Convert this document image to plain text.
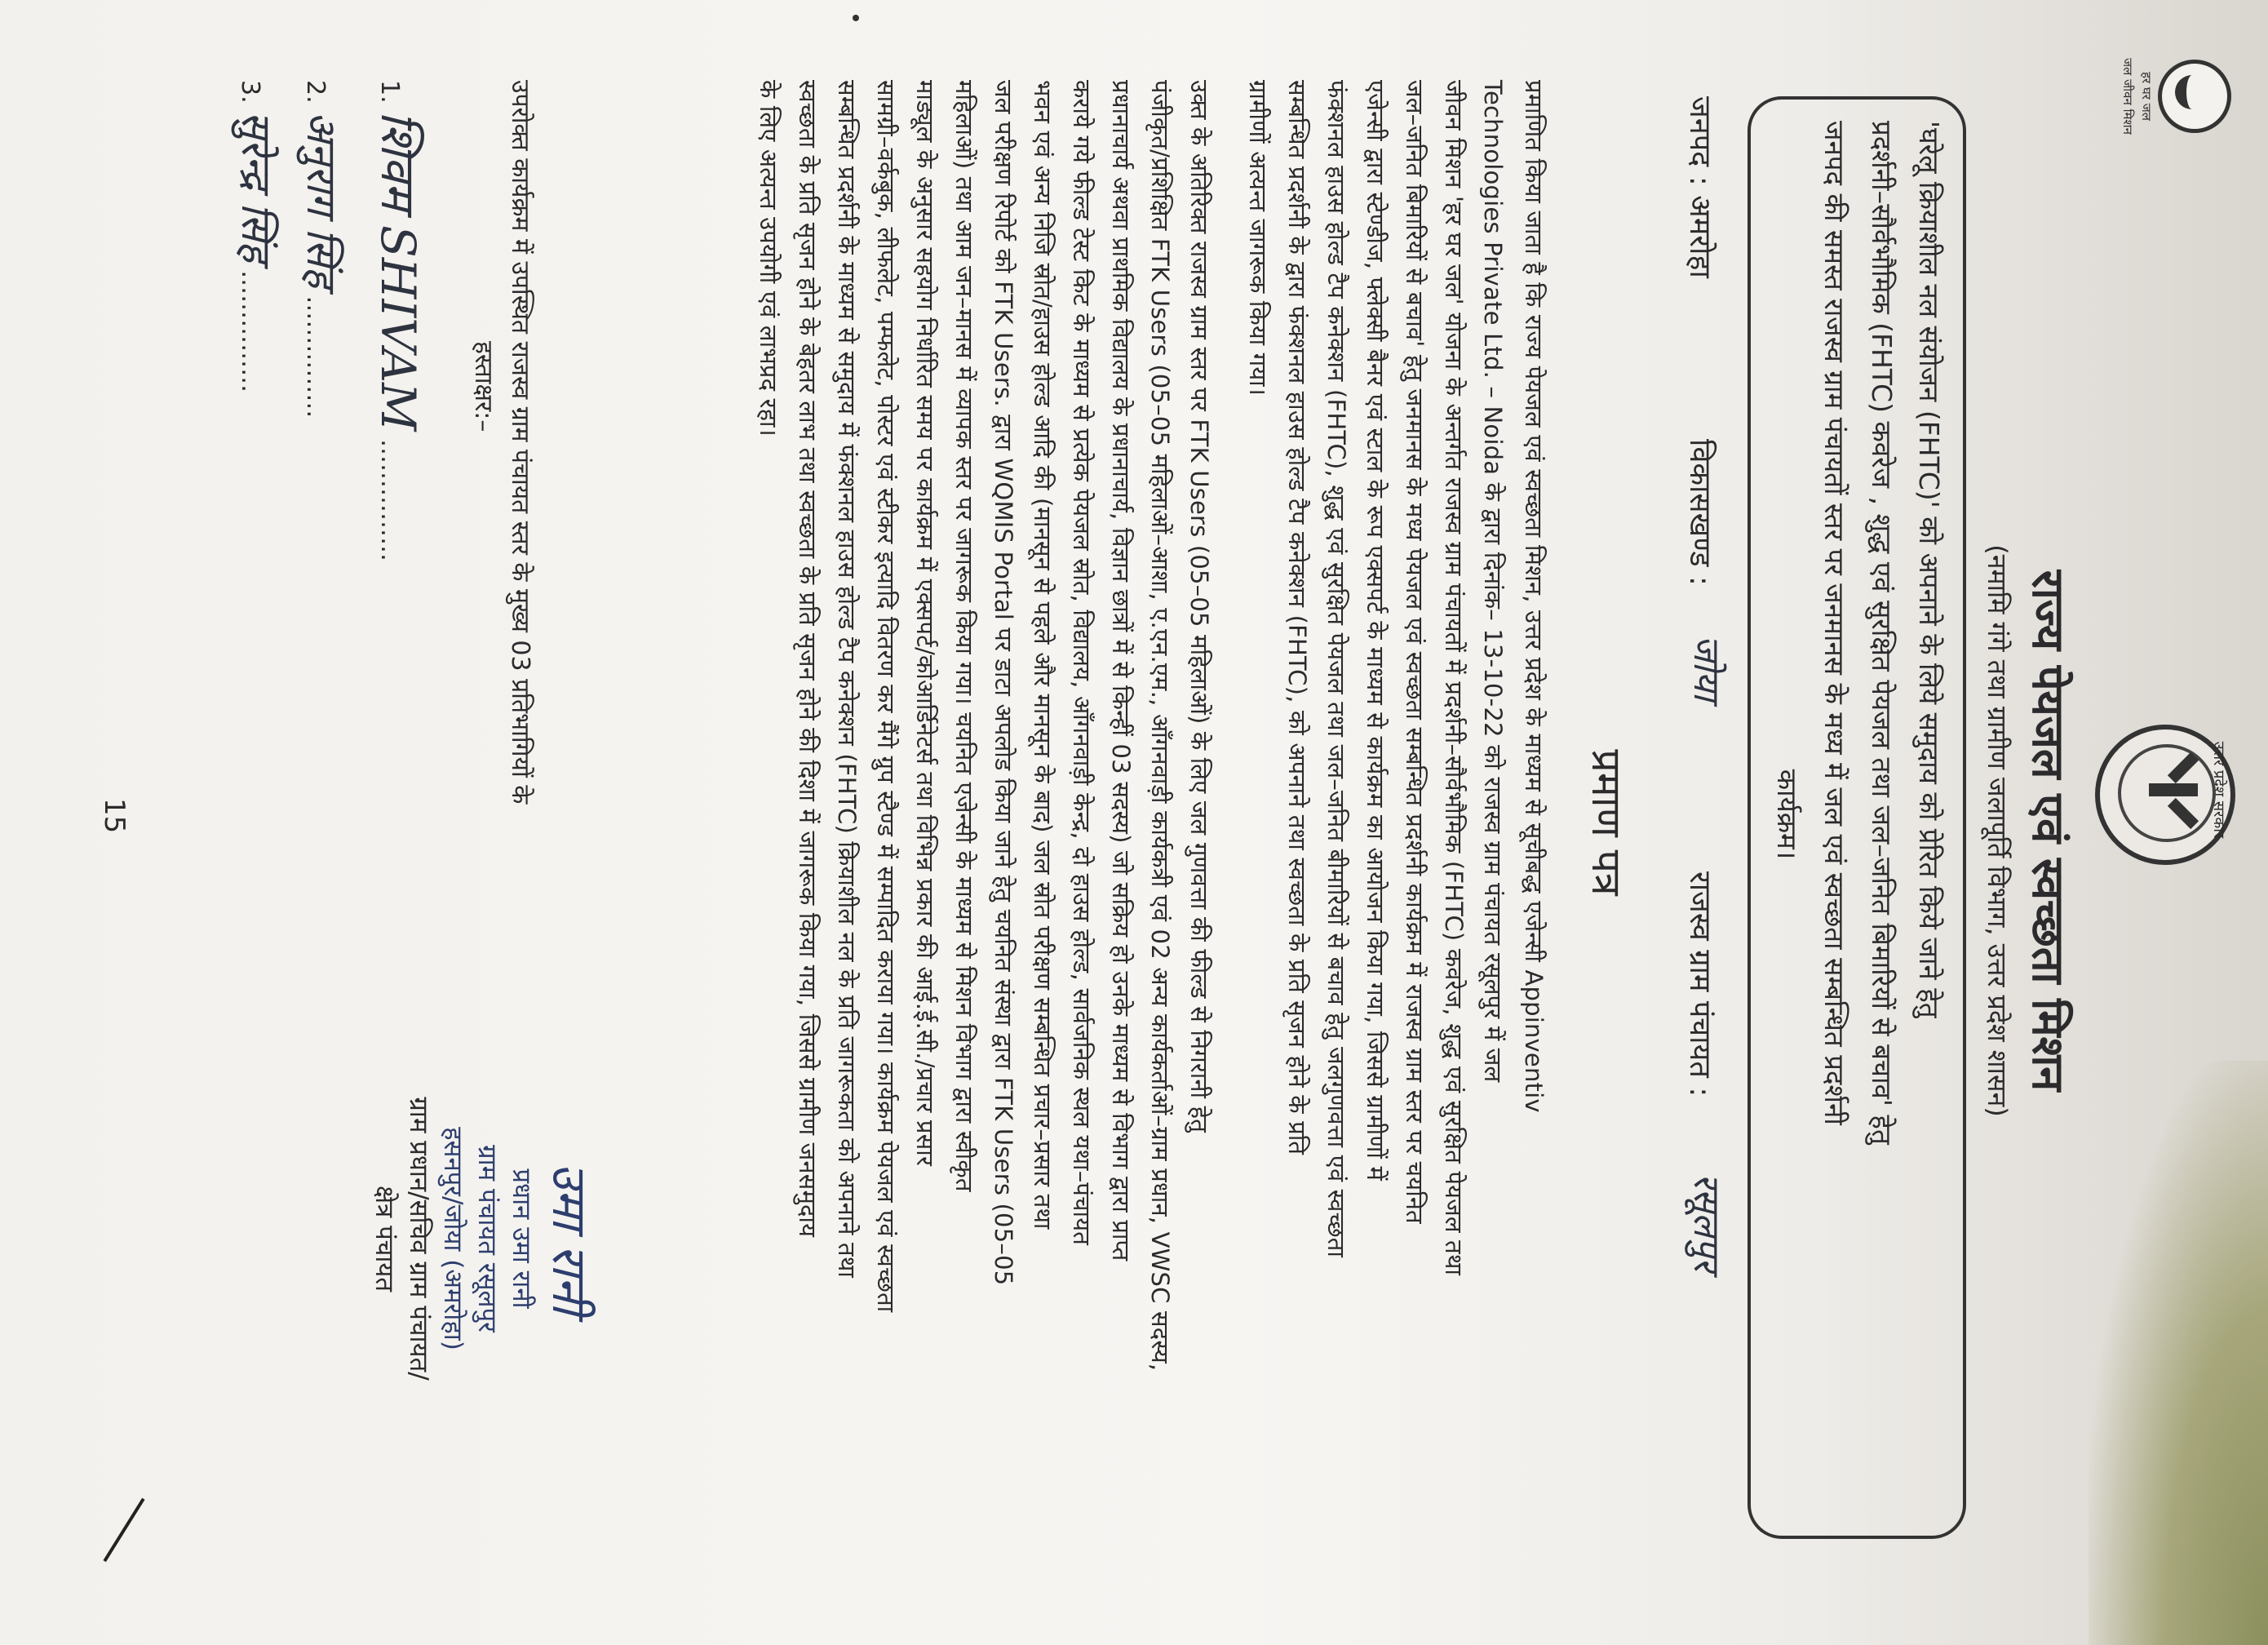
हर घर जल
जल जीवन मिशन
उत्तर प्रदेश सरकार
राज्य पेयजल एवं स्वच्छता मिशन
(नमामि गंगे तथा ग्रामीण जलापूर्ति विभाग, उत्तर प्रदेश शासन)
'घरेलू क्रियाशील नल संयोजन (FHTC)' को अपनाने के लिये समुदाय को प्रेरित किये जाने हेतु
प्रदर्शनी–सौर्वभौमिक (FHTC) कवरेज , शुद्ध एवं सुरक्षित पेयजल तथा जल–जनित बिमारियों से बचाव' हेतु
जनपद की समस्त राजस्व ग्राम पंचायतों स्तर पर जनमानस के मध्य में जल एवं स्वच्छता सम्बन्धित प्रदर्शनी
कार्यक्रम।
जनपद : अमरोहा
विकासखण्ड :
जोया
राजस्व ग्राम पंचायत :
रसूलपुर
प्रमाण पत्र
प्रमाणित किया जाता है कि राज्य पेयजल एवं स्वच्छता मिशन, उत्तर प्रदेश के माध्यम से सूचीबद्ध एजेन्सी Appinventiv
Technologies Private Ltd. – Noida के द्वारा दिनांक– 13-10-22 को राजस्व ग्राम पंचायत रसूलपुर में जल
जीवन मिशन 'हर घर जल' योजना के अन्तर्गत राजस्व ग्राम पंचायतों में प्रदर्शनी–सौर्वभौमिक (FHTC) कवरेज, शुद्ध एवं सुरक्षित पेयजल तथा
जल–जनित बिमारियों से बचाव' हेतु जनमानस के मध्य पेयजल एवं स्वच्छता सम्बन्धित प्रदर्शनी कार्यक्रम में राजस्व ग्राम स्तर पर चयनित
एजेन्सी द्वारा स्टेण्डीज, फ्लेक्सी बैनर एवं स्टाल के रूप एक्सपर्ट के माध्यम से कार्यक्रम का आयोजन किया गया, जिससे ग्रामीणों में
फंक्शनल हाउस होल्ड टैप कनेक्शन (FHTC), शुद्ध एवं सुरक्षित पेयजल तथा जल–जनित बीमारियों से बचाव हेतु जलगुणवत्ता एवं स्वच्छता
सम्बन्धित प्रदर्शनी के द्वारा फंक्शनल हाउस होल्ड टैप कनेक्शन (FHTC), को अपनाने तथा स्वच्छता के प्रति सृजन होने के प्रति
ग्रामीणों अत्यन्त जागरूक किया गया।
उक्त के अतिरिक्त राजस्व ग्राम स्तर पर FTK Users (05–05 महिलाओं) के लिए जल गुणवत्ता की फील्ड से निगरानी हेतु
पंजीकृत/प्रशिक्षित FTK Users (05–05 महिलाओं–आशा, ए.एन.एम., आँगनवाड़ी कार्यकत्री एवं 02 अन्य कार्यकर्ताओं–ग्राम प्रधान, VWSC सदस्य,
प्रधानाचार्य अथवा प्राथमिक विद्यालय के प्रधानाचार्य, विज्ञान छात्रों में से किन्हीं 03 सदस्य) जो सक्रिय हो उनके माध्यम से विभाग द्वारा प्राप्त
कराये गये फील्ड टेस्ट किट के माध्यम से प्रत्येक पेयजल स्रोत, विद्यालय, आँगनवाड़ी केन्द्र, दो हाउस होल्ड, सार्वजनिक स्थल यथा–पंचायत
भवन एवं अन्य निजि स्रोत/हाउस होल्ड आदि की (मानसून से पहले और मानसून के बाद) जल स्रोत परीक्षण सम्बन्धित प्रचार–प्रसार तथा
जल परीक्षण रिपोर्ट को FTK Users. द्वारा WQMIS Portal पर डाटा अपलोड किया जाने हेतु चयनित संस्था द्वारा FTK Users (05–05
महिलाओं) तथा आम जन–मानस में व्यापक स्तर पर जागरूक किया गया। चयनित एजेन्सी के माध्यम से मिशन विभाग द्वारा स्वीकृत
माड्यूल के अनुसार सहयोग निर्धारित समय पर कार्यक्रम में एक्सपर्ट/कोआर्डिनेटर्स तथा विभिन्न प्रकार की आई.ई.सी./प्रचार प्रसार
सामग्री–वर्कबुक, लीफलेट, पम्फलेट, पोस्टर एवं स्टीकर इत्यादि वितरण कर मैंगे ग्रुप स्टैण्ड में सम्पादित कराया गया। कार्यक्रम पेयजल एवं स्वच्छता
सम्बन्धित प्रदर्शनी के माध्यम से समुदाय में फंक्शनल हाउस होल्ड टैप कनेक्शन (FHTC) क्रियाशील नल के प्रति जागरूकता को अपनाने तथा
स्वच्छता के प्रति सृजन होने के बेहतर लाभ तथा स्वच्छता के प्रति सृजन होने की दिशा में जागरूक किया गया, जिससे ग्रामीण जनसमुदाय
के लिए अत्यन्त उपयोगी एवं लाभप्रद रहा।
उमा रानी
प्रधान उमा रानी
ग्राम पंचायत रसूलपुर
हसनपुर/जोया (अमरोहा)
ग्राम प्रधान/सचिव ग्राम पंचायत/
क्षेत्र पंचायत
उपरोक्त कार्यक्रम में उपस्थित राजस्व ग्राम पंचायत स्तर के मुख्य 03 प्रतिभागियों के
हस्ताक्षर:–
1. शिवम SHIVAM ……………
2. अनुराग सिंह ……………
3. सुरेन्द्र सिंह ……………
15
